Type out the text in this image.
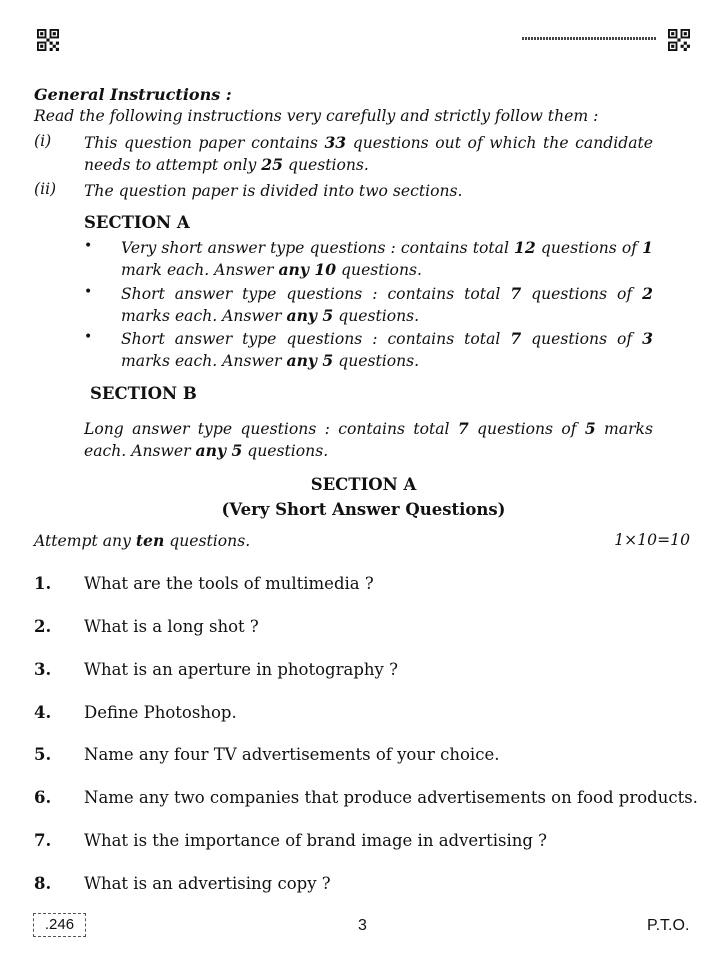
General Instructions :
Read the following instructions very carefully and strictly follow them :
(i) This question paper contains 33 questions out of which the candidate needs to attempt only 25 questions.
(ii) The question paper is divided into two sections.
SECTION A
• Very short answer type questions : contains total 12 questions of 1 mark each. Answer any 10 questions.
• Short answer type questions : contains total 7 questions of 2 marks each. Answer any 5 questions.
• Short answer type questions : contains total 7 questions of 3 marks each. Answer any 5 questions.
SECTION B
Long answer type questions : contains total 7 questions of 5 marks each. Answer any 5 questions.
SECTION A
(Very Short Answer Questions)
Attempt any ten questions.	1×10=10
1. What are the tools of multimedia ?
2. What is a long shot ?
3. What is an aperture in photography ?
4. Define Photoshop.
5. Name any four TV advertisements of your choice.
6. Name any two companies that produce advertisements on food products.
7. What is the importance of brand image in advertising ?
8. What is an advertising copy ?
.246	3	P.T.O.
